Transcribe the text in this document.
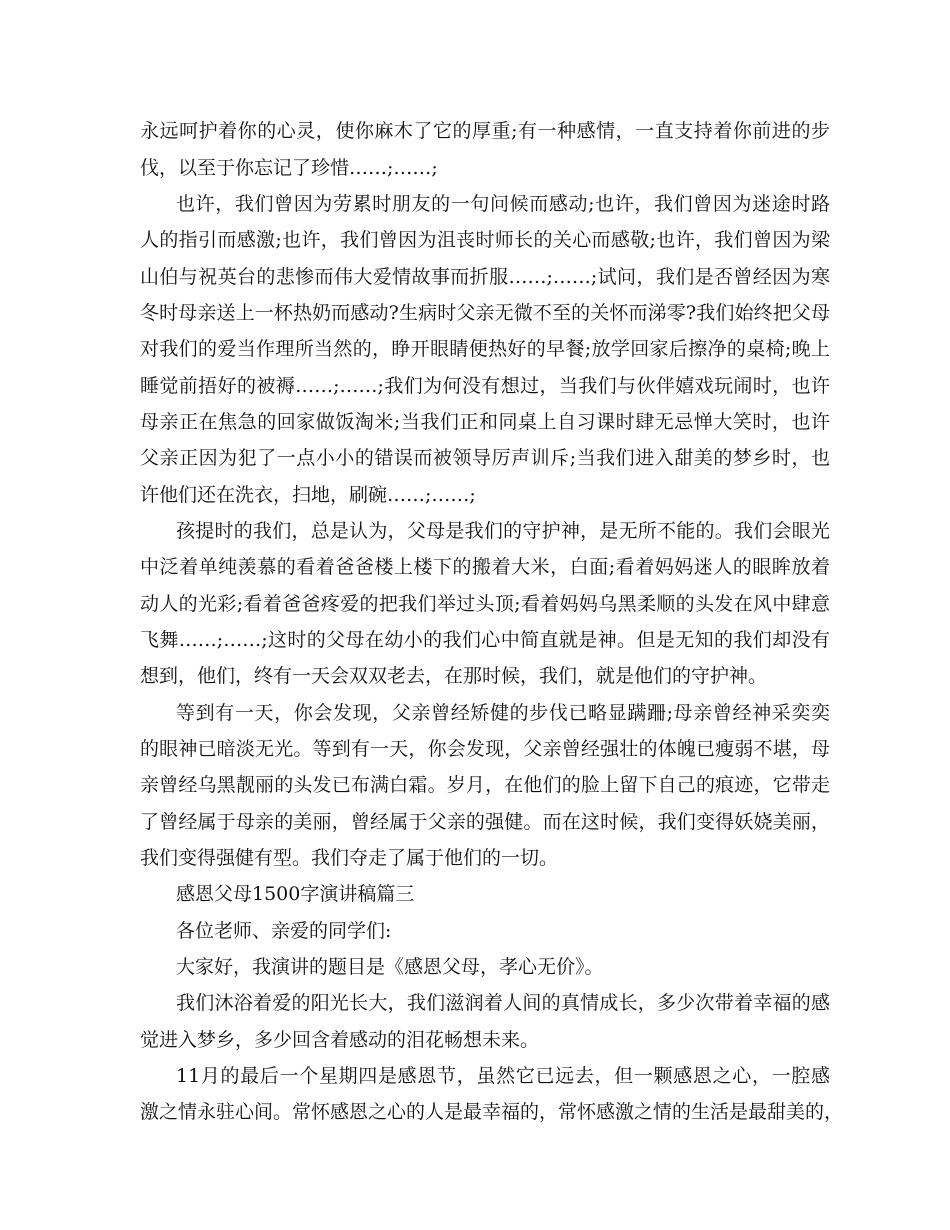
永远呵护着你的心灵，使你麻木了它的厚重;有一种感情，一直支持着你前进的步
伐，以至于你忘记了珍惜……;……;
也许，我们曾因为劳累时朋友的一句问候而感动;也许，我们曾因为迷途时路
人的指引而感激;也许，我们曾因为沮丧时师长的关心而感敬;也许，我们曾因为梁
山伯与祝英台的悲惨而伟大爱情故事而折服……;……;试问，我们是否曾经因为寒
冬时母亲送上一杯热奶而感动?生病时父亲无微不至的关怀而涕零?我们始终把父母
对我们的爱当作理所当然的，睁开眼睛便热好的早餐;放学回家后擦净的桌椅;晚上
睡觉前捂好的被褥……;……;我们为何没有想过，当我们与伙伴嬉戏玩闹时，也许
母亲正在焦急的回家做饭淘米;当我们正和同桌上自习课时肆无忌惮大笑时，也许
父亲正因为犯了一点小小的错误而被领导厉声训斥;当我们进入甜美的梦乡时，也
许他们还在洗衣，扫地，刷碗……;……;
孩提时的我们，总是认为，父母是我们的守护神，是无所不能的。我们会眼光
中泛着单纯羡慕的看着爸爸楼上楼下的搬着大米，白面;看着妈妈迷人的眼眸放着
动人的光彩;看着爸爸疼爱的把我们举过头顶;看着妈妈乌黑柔顺的头发在风中肆意
飞舞……;……;这时的父母在幼小的我们心中简直就是神。但是无知的我们却没有
想到，他们，终有一天会双双老去，在那时候，我们，就是他们的守护神。
等到有一天，你会发现，父亲曾经矫健的步伐已略显蹒跚;母亲曾经神采奕奕
的眼神已暗淡无光。等到有一天，你会发现，父亲曾经强壮的体魄已瘦弱不堪，母
亲曾经乌黑靓丽的头发已布满白霜。岁月，在他们的脸上留下自己的痕迹，它带走
了曾经属于母亲的美丽，曾经属于父亲的强健。而在这时候，我们变得妖娆美丽，
我们变得强健有型。我们夺走了属于他们的一切。
感恩父母1500字演讲稿篇三
各位老师、亲爱的同学们:
大家好，我演讲的题目是《感恩父母，孝心无价》。
我们沐浴着爱的阳光长大，我们滋润着人间的真情成长，多少次带着幸福的感
觉进入梦乡，多少回含着感动的泪花畅想未来。
11月的最后一个星期四是感恩节，虽然它已远去，但一颗感恩之心，一腔感
激之情永驻心间。常怀感恩之心的人是最幸福的，常怀感激之情的生活是最甜美的，
